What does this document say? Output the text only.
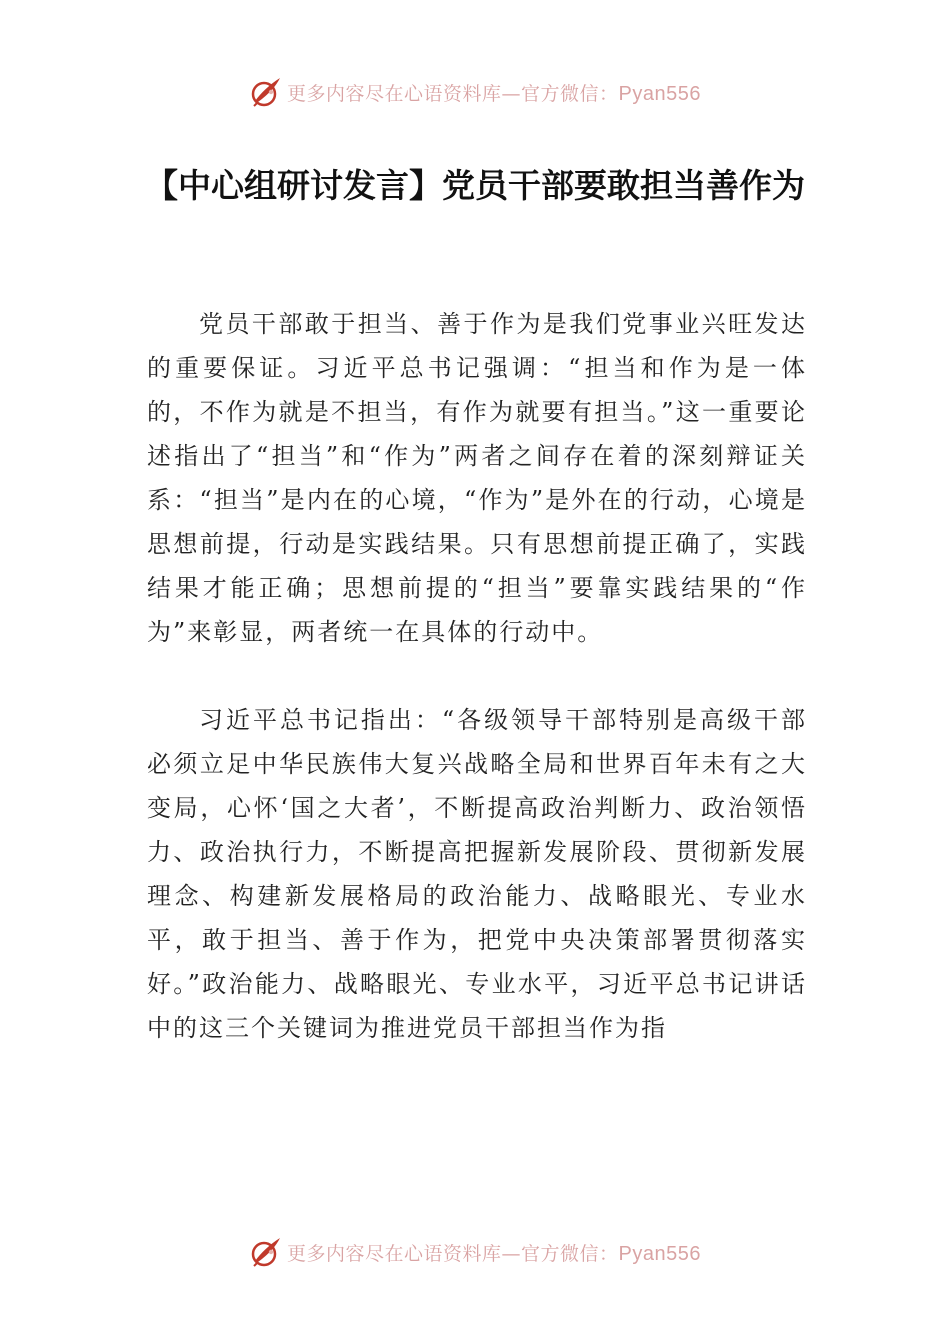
更多内容尽在心语资料库—官方微信：Pyan556
【中心组研讨发言】党员干部要敢担当善作为

党员干部敢于担当、善于作为是我们党事业兴旺发达的重要保证。习近平总书记强调：“担当和作为是一体的，不作为就是不担当，有作为就要有担当。”这一重要论述指出了“担当”和“作为”两者之间存在着的深刻辩证关系：“担当”是内在的心境，“作为”是外在的行动，心境是思想前提，行动是实践结果。只有思想前提正确了，实践结果才能正确；思想前提的“担当”要靠实践结果的“作为”来彰显，两者统一在具体的行动中。

习近平总书记指出：“各级领导干部特别是高级干部必须立足中华民族伟大复兴战略全局和世界百年未有之大变局，心怀‘国之大者’，不断提高政治判断力、政治领悟力、政治执行力，不断提高把握新发展阶段、贯彻新发展理念、构建新发展格局的政治能力、战略眼光、专业水平，敢于担当、善于作为，把党中央决策部署贯彻落实好。”政治能力、战略眼光、专业水平，习近平总书记讲话中的这三个关键词为推进党员干部担当作为指

更多内容尽在心语资料库—官方微信：Pyan556
